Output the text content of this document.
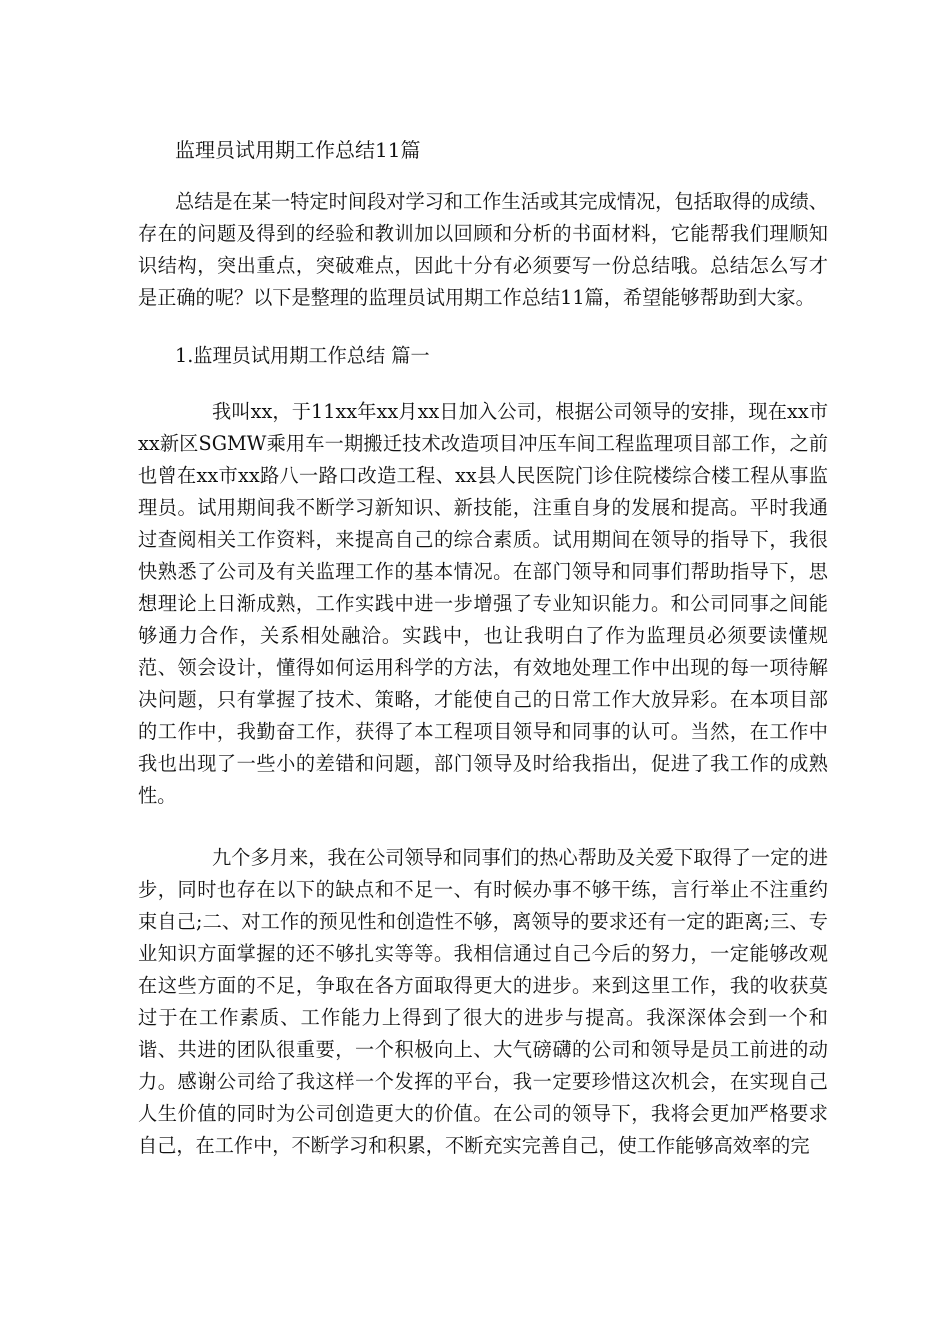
监理员试用期工作总结11篇

总结是在某一特定时间段对学习和工作生活或其完成情况，包括取得的成绩、存在的问题及得到的经验和教训加以回顾和分析的书面材料，它能帮我们理顺知识结构，突出重点，突破难点，因此十分有必须要写一份总结哦。总结怎么写才是正确的呢？以下是整理的监理员试用期工作总结11篇，希望能够帮助到大家。

1.监理员试用期工作总结 篇一

我叫xx，于11xx年xx月xx日加入公司，根据公司领导的安排，现在xx市xx新区SGMW乘用车一期搬迁技术改造项目冲压车间工程监理项目部工作，之前也曾在xx市xx路八一路口改造工程、xx县人民医院门诊住院楼综合楼工程从事监理员。试用期间我不断学习新知识、新技能，注重自身的发展和提高。平时我通过查阅相关工作资料，来提高自己的综合素质。试用期间在领导的指导下，我很快熟悉了公司及有关监理工作的基本情况。在部门领导和同事们帮助指导下，思想理论上日渐成熟，工作实践中进一步增强了专业知识能力。和公司同事之间能够通力合作，关系相处融洽。实践中，也让我明白了作为监理员必须要读懂规范、领会设计，懂得如何运用科学的方法，有效地处理工作中出现的每一项待解决问题，只有掌握了技术、策略，才能使自己的日常工作大放异彩。在本项目部的工作中，我勤奋工作，获得了本工程项目领导和同事的认可。当然，在工作中我也出现了一些小的差错和问题，部门领导及时给我指出，促进了我工作的成熟性。

九个多月来，我在公司领导和同事们的热心帮助及关爱下取得了一定的进步，同时也存在以下的缺点和不足一、有时候办事不够干练，言行举止不注重约束自己;二、对工作的预见性和创造性不够，离领导的要求还有一定的距离;三、专业知识方面掌握的还不够扎实等等。我相信通过自己今后的努力，一定能够改观在这些方面的不足，争取在各方面取得更大的进步。来到这里工作，我的收获莫过于在工作素质、工作能力上得到了很大的进步与提高。我深深体会到一个和谐、共进的团队很重要，一个积极向上、大气磅礴的公司和领导是员工前进的动力。感谢公司给了我这样一个发挥的平台，我一定要珍惜这次机会，在实现自己人生价值的同时为公司创造更大的价值。在公司的领导下，我将会更加严格要求自己，在工作中，不断学习和积累，不断充实完善自己，使工作能够高效率的完
